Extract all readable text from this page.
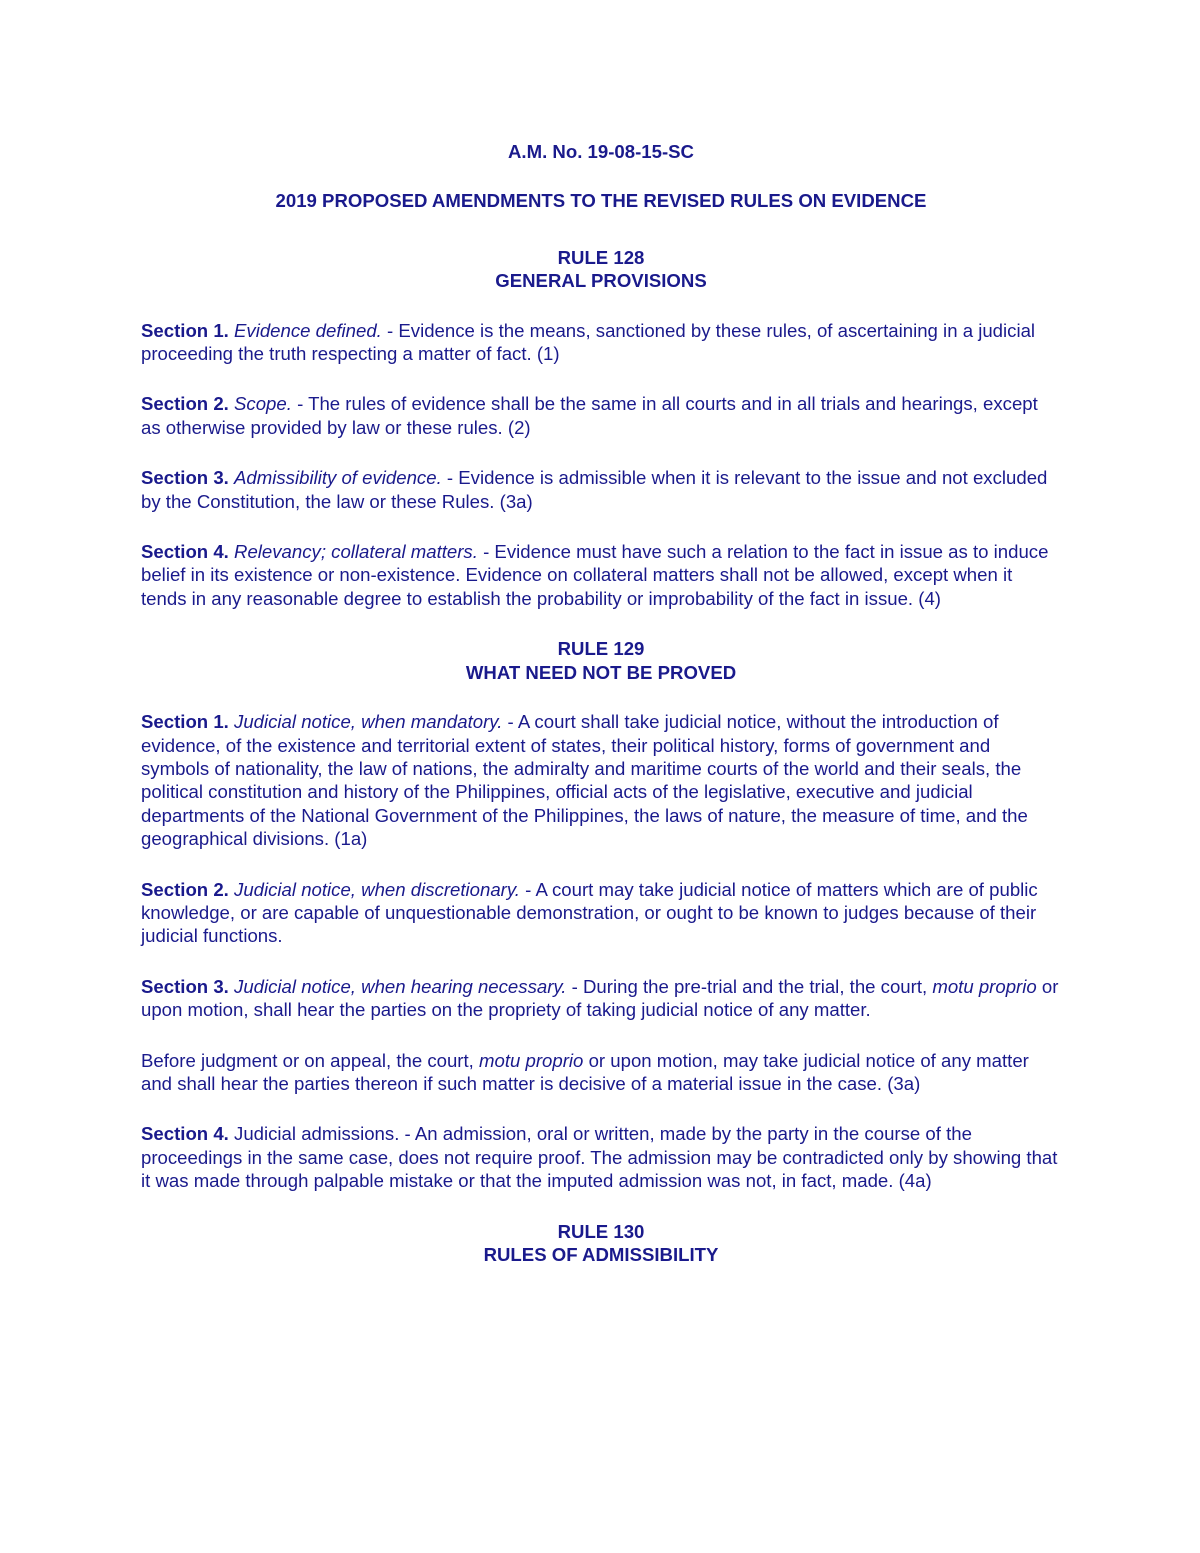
A.M. No. 19-08-15-SC
2019 PROPOSED AMENDMENTS TO THE REVISED RULES ON EVIDENCE
RULE 128
GENERAL PROVISIONS

Section 1. Evidence defined. - Evidence is the means, sanctioned by these rules, of ascertaining in a judicial proceeding the truth respecting a matter of fact. (1)

Section 2. Scope. - The rules of evidence shall be the same in all courts and in all trials and hearings, except as otherwise provided by law or these rules. (2)

Section 3. Admissibility of evidence. - Evidence is admissible when it is relevant to the issue and not excluded by the Constitution, the law or these Rules. (3a)

Section 4. Relevancy; collateral matters. - Evidence must have such a relation to the fact in issue as to induce belief in its existence or non-existence. Evidence on collateral matters shall not be allowed, except when it tends in any reasonable degree to establish the probability or improbability of the fact in issue. (4)

RULE 129
WHAT NEED NOT BE PROVED

Section 1. Judicial notice, when mandatory. - A court shall take judicial notice, without the introduction of evidence, of the existence and territorial extent of states, their political history, forms of government and symbols of nationality, the law of nations, the admiralty and maritime courts of the world and their seals, the political constitution and history of the Philippines, official acts of the legislative, executive and judicial departments of the National Government of the Philippines, the laws of nature, the measure of time, and the geographical divisions. (1a)

Section 2. Judicial notice, when discretionary. - A court may take judicial notice of matters which are of public knowledge, or are capable of unquestionable demonstration, or ought to be known to judges because of their judicial functions.

Section 3. Judicial notice, when hearing necessary. - During the pre-trial and the trial, the court, motu proprio or upon motion, shall hear the parties on the propriety of taking judicial notice of any matter.

Before judgment or on appeal, the court, motu proprio or upon motion, may take judicial notice of any matter and shall hear the parties thereon if such matter is decisive of a material issue in the case. (3a)

Section 4. Judicial admissions. - An admission, oral or written, made by the party in the course of the proceedings in the same case, does not require proof. The admission may be contradicted only by showing that it was made through palpable mistake or that the imputed admission was not, in fact, made. (4a)

RULE 130
RULES OF ADMISSIBILITY
